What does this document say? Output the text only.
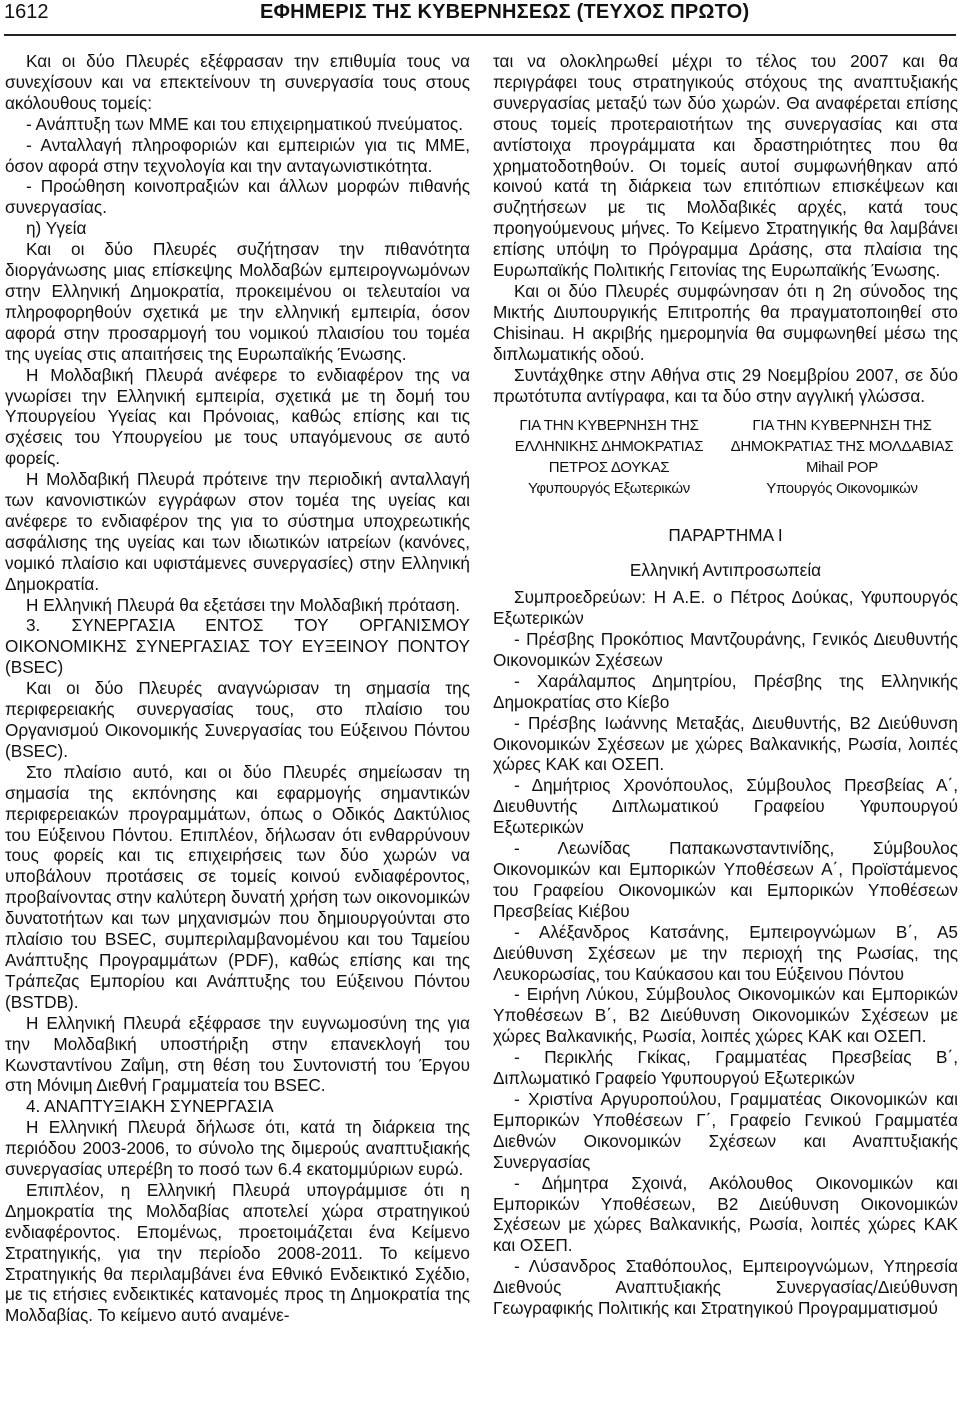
1612	ΕΦΗΜΕΡΙΣ ΤΗΣ ΚΥΒΕΡΝΗΣΕΩΣ (ΤΕΥΧΟΣ ΠΡΩΤΟ)

Και οι δύο Πλευρές εξέφρασαν την επιθυμία τους να συνεχίσουν και να επεκτείνουν τη συνεργασία τους στους ακόλουθους τομείς:

- Ανάπτυξη των ΜΜΕ και του επιχειρηματικού πνεύματος.

- Ανταλλαγή πληροφοριών και εμπειριών για τις ΜΜΕ, όσον αφορά στην τεχνολογία και την ανταγωνιστικότητα.

- Προώθηση κοινοπραξιών και άλλων μορφών πιθανής συνεργασίας.

η) Υγεία

Και οι δύο Πλευρές συζήτησαν την πιθανότητα διοργάνωσης μιας επίσκεψης Μολδαβών εμπειρογνωμόνων στην Ελληνική Δημοκρατία, προκειμένου οι τελευταίοι να πληροφορηθούν σχετικά με την ελληνική εμπειρία, όσον αφορά στην προσαρμογή του νομικού πλαισίου του τομέα της υγείας στις απαιτήσεις της Ευρωπαϊκής Ένωσης.

Η Μολδαβική Πλευρά ανέφερε το ενδιαφέρον της να γνωρίσει την Ελληνική εμπειρία, σχετικά με τη δομή του Υπουργείου Υγείας και Πρόνοιας, καθώς επίσης και τις σχέσεις του Υπουργείου με τους υπαγόμενους σε αυτό φορείς.

Η Μολδαβική Πλευρά πρότεινε την περιοδική ανταλλαγή των κανονιστικών εγγράφων στον τομέα της υγείας και ανέφερε το ενδιαφέρον της για το σύστημα υποχρεωτικής ασφάλισης της υγείας και των ιδιωτικών ιατρείων (κανόνες, νομικό πλαίσιο και υφιστάμενες συνεργασίες) στην Ελληνική Δημοκρατία.

Η Ελληνική Πλευρά θα εξετάσει την Μολδαβική πρόταση.

3. ΣΥΝΕΡΓΑΣΙΑ ΕΝΤΟΣ ΤΟΥ ΟΡΓΑΝΙΣΜΟΥ ΟΙΚΟΝΟΜΙΚΗΣ ΣΥΝΕΡΓΑΣΙΑΣ ΤΟΥ ΕΥΞΕΙΝΟΥ ΠΟΝΤΟΥ (BSEC)

Και οι δύο Πλευρές αναγνώρισαν τη σημασία της περιφερειακής συνεργασίας τους, στο πλαίσιο του Οργανισμού Οικονομικής Συνεργασίας του Εύξεινου Πόντου (BSEC).

Στο πλαίσιο αυτό, και οι δύο Πλευρές σημείωσαν τη σημασία της εκπόνησης και εφαρμογής σημαντικών περιφερειακών προγραμμάτων, όπως ο Οδικός Δακτύλιος του Εύξεινου Πόντου. Επιπλέον, δήλωσαν ότι ενθαρρύνουν τους φορείς και τις επιχειρήσεις των δύο χωρών να υποβάλουν προτάσεις σε τομείς κοινού ενδιαφέροντος, προβαίνοντας στην καλύτερη δυνατή χρήση των οικονομικών δυνατοτήτων και των μηχανισμών που δημιουργούνται στο πλαίσιο του BSEC, συμπεριλαμβανομένου και του Ταμείου Ανάπτυξης Προγραμμάτων (PDF), καθώς επίσης και της Τράπεζας Εμπορίου και Ανάπτυξης του Εύξεινου Πόντου (BSTDB).

Η Ελληνική Πλευρά εξέφρασε την ευγνωμοσύνη της για την Μολδαβική υποστήριξη στην επανεκλογή του Κωνσταντίνου Ζαΐμη, στη θέση του Συντονιστή του Έργου στη Μόνιμη Διεθνή Γραμματεία του BSEC.

4. ΑΝΑΠΤΥΞΙΑΚΗ ΣΥΝΕΡΓΑΣΙΑ

Η Ελληνική Πλευρά δήλωσε ότι, κατά τη διάρκεια της περιόδου 2003-2006, το σύνολο της διμερούς αναπτυξιακής συνεργασίας υπερέβη το ποσό των 6.4 εκατομμύριων ευρώ.

Επιπλέον, η Ελληνική Πλευρά υπογράμμισε ότι η Δημοκρατία της Μολδαβίας αποτελεί χώρα στρατηγικού ενδιαφέροντος. Επομένως, προετοιμάζεται ένα Κείμενο Στρατηγικής, για την περίοδο 2008-2011. Το κείμενο Στρατηγικής θα περιλαμβάνει ένα Εθνικό Ενδεικτικό Σχέδιο, με τις ετήσιες ενδεικτικές κατανομές προς τη Δημοκρατία της Μολδαβίας. Το κείμενο αυτό αναμένε-

ται να ολοκληρωθεί μέχρι το τέλος του 2007 και θα περιγράφει τους στρατηγικούς στόχους της αναπτυξιακής συνεργασίας μεταξύ των δύο χωρών. Θα αναφέρεται επίσης στους τομείς προτεραιοτήτων της συνεργασίας και στα αντίστοιχα προγράμματα και δραστηριότητες που θα χρηματοδοτηθούν. Οι τομείς αυτοί συμφωνήθηκαν από κοινού κατά τη διάρκεια των επιτόπιων επισκέψεων και συζητήσεων με τις Μολδαβικές αρχές, κατά τους προηγούμενους μήνες. Το Κείμενο Στρατηγικής θα λαμβάνει επίσης υπόψη το Πρόγραμμα Δράσης, στα πλαίσια της Ευρωπαϊκής Πολιτικής Γειτονίας της Ευρωπαϊκής Ένωσης.

Και οι δύο Πλευρές συμφώνησαν ότι η 2η σύνοδος της Μικτής Διυπουργικής Επιτροπής θα πραγματοποιηθεί στο Chisinau. Η ακριβής ημερομηνία θα συμφωνηθεί μέσω της διπλωματικής οδού.

Συντάχθηκε στην Αθήνα στις 29 Νοεμβρίου 2007, σε δύο πρωτότυπα αντίγραφα, και τα δύο στην αγγλική γλώσσα.

ΓΙΑ ΤΗΝ ΚΥΒΕΡΝΗΣΗ ΤΗΣ
ΕΛΛΗΝΙΚΗΣ ΔΗΜΟΚΡΑΤΙΑΣ
ΠΕΤΡΟΣ ΔΟΥΚΑΣ
Υφυπουργός Εξωτερικών
ΓΙΑ ΤΗΝ ΚΥΒΕΡΝΗΣΗ ΤΗΣ
ΔΗΜΟΚΡΑΤΙΑΣ ΤΗΣ ΜΟΛΔΑΒΙΑΣ
Mihail POP
Υπουργός Οικονομικών
ΠΑΡΑΡΤΗΜΑ Ι
Ελληνική Αντιπροσωπεία

Συμπροεδρεύων: Η Α.Ε. ο Πέτρος Δούκας, Υφυπουργός Εξωτερικών

- Πρέσβης Προκόπιος Μαντζουράνης, Γενικός Διευθυντής Οικονομικών Σχέσεων

- Χαράλαμπος Δημητρίου, Πρέσβης της Ελληνικής Δημοκρατίας στο Κίεβο

- Πρέσβης Ιωάννης Μεταξάς, Διευθυντής, Β2 Διεύθυνση Οικονομικών Σχέσεων με χώρες Βαλκανικής, Ρωσία, λοιπές χώρες ΚΑΚ και ΟΣΕΠ.

- Δημήτριος Χρονόπουλος, Σύμβουλος Πρεσβείας Α΄, Διευθυντής Διπλωματικού Γραφείου Υφυπουργού Εξωτερικών

- Λεωνίδας Παπακωνσταντινίδης, Σύμβουλος Οικονομικών και Εμπορικών Υποθέσεων Α΄, Προϊστάμενος του Γραφείου Οικονομικών και Εμπορικών Υποθέσεων Πρεσβείας Κιέβου

- Αλέξανδρος Κατσάνης, Εμπειρογνώμων Β΄, Α5 Διεύθυνση Σχέσεων με την περιοχή της Ρωσίας, της Λευκορωσίας, του Καύκασου και του Εύξεινου Πόντου

- Ειρήνη Λύκου, Σύμβουλος Οικονομικών και Εμπορικών Υποθέσεων Β΄, Β2 Διεύθυνση Οικονομικών Σχέσεων με χώρες Βαλκανικής, Ρωσία, λοιπές χώρες ΚΑΚ και ΟΣΕΠ.

- Περικλής Γκίκας, Γραμματέας Πρεσβείας Β΄, Διπλωματικό Γραφείο Υφυπουργού Εξωτερικών

- Χριστίνα Αργυροπούλου, Γραμματέας Οικονομικών και Εμπορικών Υποθέσεων Γ΄, Γραφείο Γενικού Γραμματέα Διεθνών Οικονομικών Σχέσεων και Αναπτυξιακής Συνεργασίας

- Δήμητρα Σχοινά, Ακόλουθος Οικονομικών και Εμπορικών Υποθέσεων, Β2 Διεύθυνση Οικονομικών Σχέσεων με χώρες Βαλκανικής, Ρωσία, λοιπές χώρες ΚΑΚ και ΟΣΕΠ.

- Λύσανδρος Σταθόπουλος, Εμπειρογνώμων, Υπηρεσία Διεθνούς Αναπτυξιακής Συνεργασίας/Διεύθυνση Γεωγραφικής Πολιτικής και Στρατηγικού Προγραμματισμού
